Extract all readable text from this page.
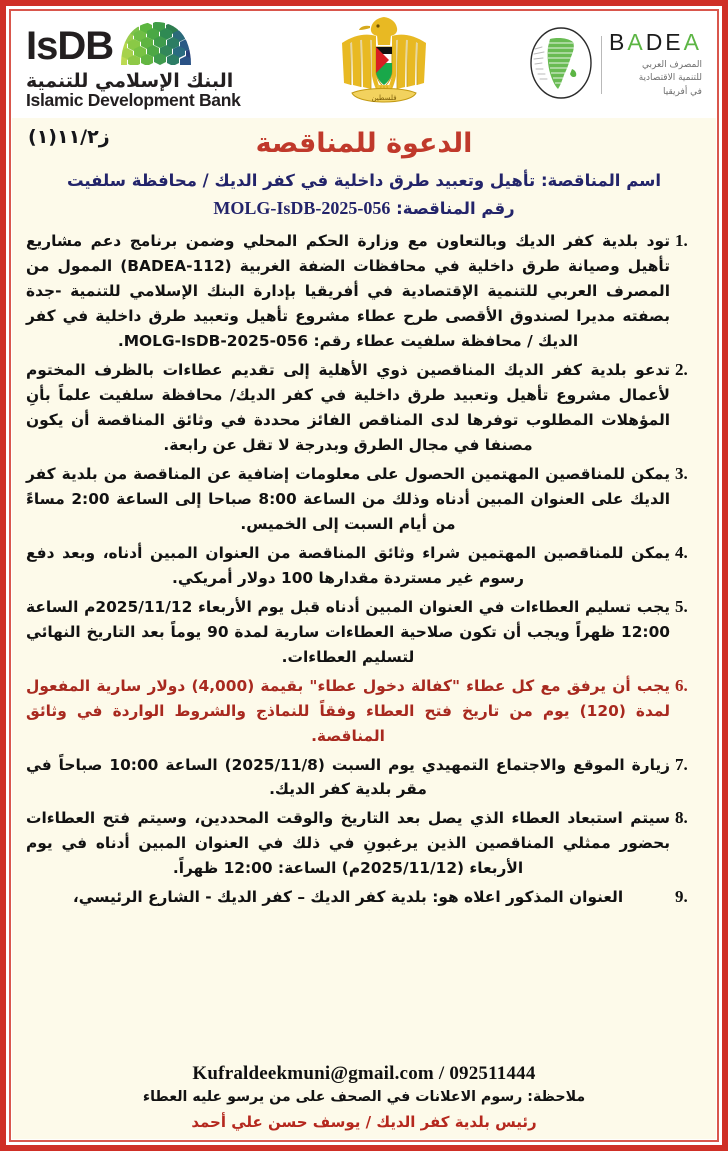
IsDB
البنك الإسلامي للتنمية
Islamic Development Bank	فلسطين
BADEA
المصرف العربي
للتنمية الاقتصادية
في أفريقيا
ز١١/٢(١)	الدعوة للمناقصة
اسم المناقصة: تأهيل وتعبيد طرق داخلية في كفر الديك / محافظة سلفيت
رقم المناقصة: MOLG-IsDB-2025-056
1.
تود بلدية كفر الديك وبالتعاون مع وزارة الحكم المحلي وضمن برنامج دعم مشاريع تأهيل وصيانة طرق داخلية في محافظات الضفة الغربية (BADEA-112) الممول من المصرف العربي للتنمية الإقتصادية في أفريقيا بإدارة البنك الإسلامي للتنمية -جدة بصفته مديرا لصندوق الأقصى طرح عطاء مشروع تأهيل وتعبيد طرق داخلية في كفر الديك / محافظة سلفيت عطاء رقم: MOLG-IsDB-2025-056.
2.
تدعو بلدية كفر الديك المناقصين ذوي الأهلية إلى تقديم عطاءات بالظرف المختوم لأعمال مشروع تأهيل وتعبيد طرق داخلية في كفر الديك/ محافظة سلفيت علماً بأنِ المؤهلات المطلوب توفرها لدى المناقص الفائز محددة في وثائق المناقصة أن يكون مصنفا في مجال الطرق وبدرجة لا تقل عن رابعة.
3.
يمكن للمناقصين المهتمين الحصول على معلومات إضافية عن المناقصة من بلدية كفر الديك على العنوان المبين أدناه وذلك من الساعة 8:00 صباحا إلى الساعة 2:00 مساءً من أيام السبت إلى الخميس.
4.
يمكن للمناقصين المهتمين شراء وثائق المناقصة من العنوان المبين أدناه، وبعد دفع رسوم غير مستردة مقدارها 100 دولار أمريكي.
5.
يجب تسليم العطاءات في العنوان المبين أدناه قبل يوم الأربعاء 2025/11/12م الساعة 12:00 ظهراً ويجب أن تكون صلاحية العطاءات سارية لمدة 90 يوماً بعد التاريخ النهائي لتسليم العطاءات.
6.
يجب أن يرفق مع كل عطاء "كفالة دخول عطاء" بقيمة (4,000) دولار سارية المفعول لمدة (120) يوم من تاريخ فتح العطاء وفقاً للنماذج والشروط الواردة في وثائق المناقصة.
7.
زيارة الموقع والاجتماع التمهيدي يوم السبت (2025/11/8) الساعة 10:00 صباحاً في مقر بلدية كفر الديك.
8.
سيتم استبعاد العطاء الذي يصل بعد التاريخ والوقت المحددين، وسيتم فتح العطاءات بحضور ممثلي المناقصين الذين يرغبونِ في ذلك في العنوان المبين أدناه في يوم الأربعاء (2025/11/12م) الساعة: 12:00 ظهراً.
9.
العنوان المذكور اعلاه هو: بلدية كفر الديك – كفر الديك - الشارع الرئيسي،
Kufraldeekmuni@gmail.com / 092511444
ملاحظة: رسوم الاعلانات في الصحف على من يرسو عليه العطاء
رئيس بلدية كفر الديك / يوسف حسن علي أحمد
